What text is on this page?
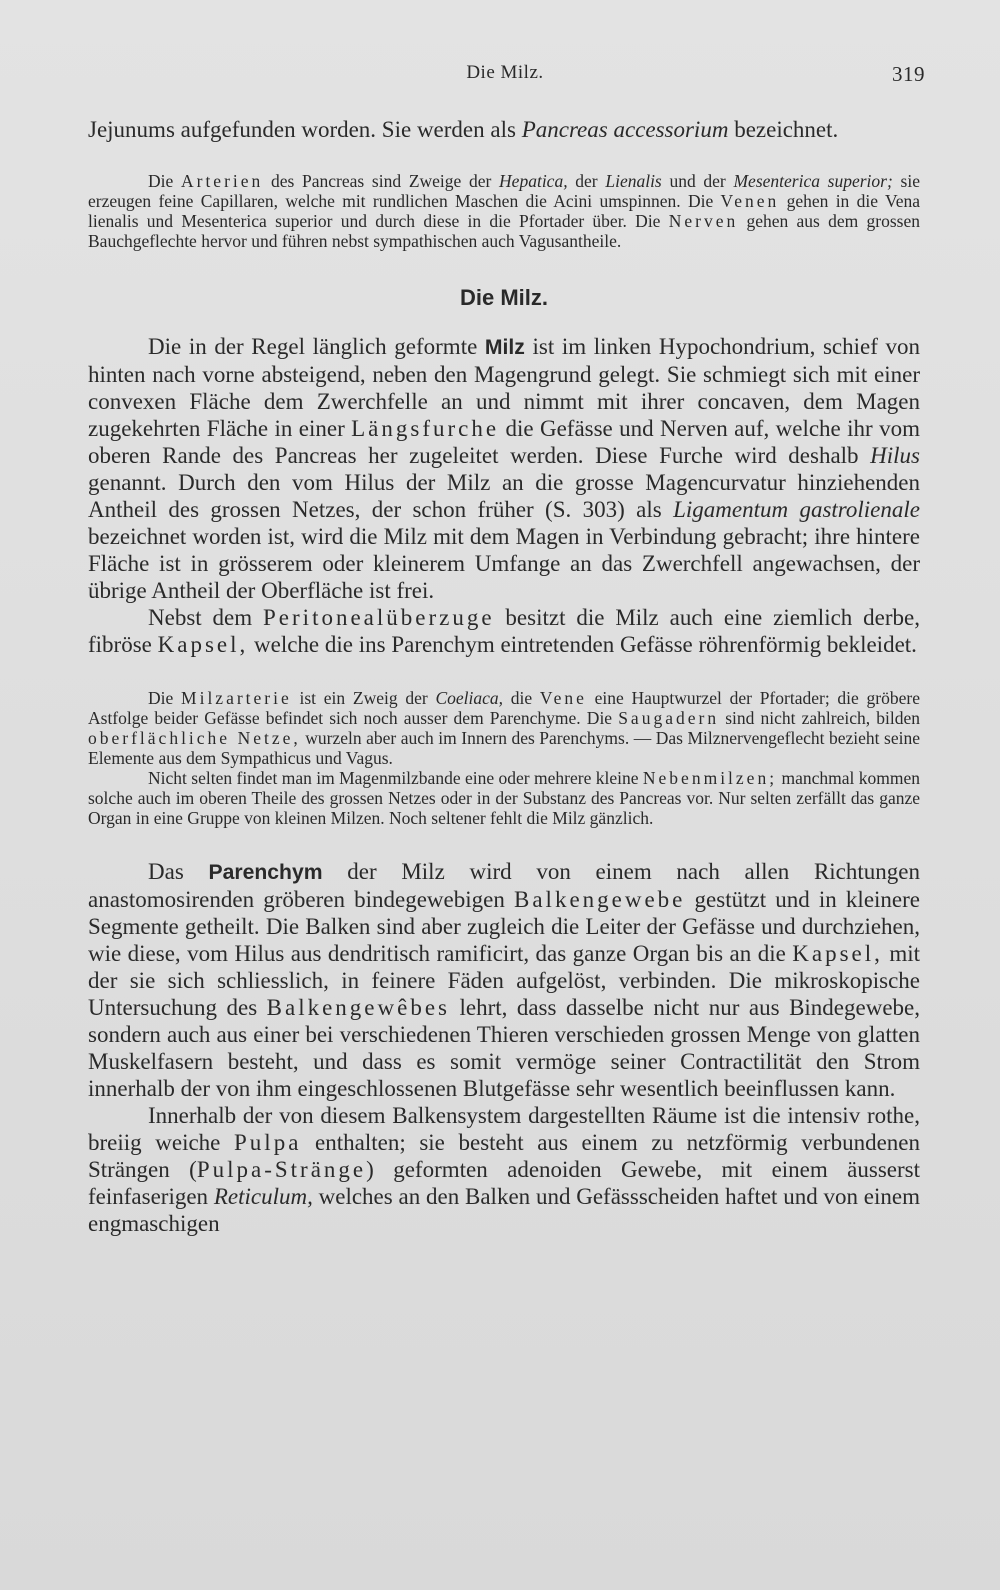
Die Milz.	319

Jejunums aufgefunden worden. Sie werden als Pancreas accessorium bezeichnet.

Die Arterien des Pancreas sind Zweige der Hepatica, der Lienalis und der Mesenterica superior; sie erzeugen feine Capillaren, welche mit rundlichen Maschen die Acini umspinnen. Die Venen gehen in die Vena lienalis und Mesenterica superior und durch diese in die Pfortader über. Die Nerven gehen aus dem grossen Bauchgeflechte hervor und führen nebst sympathischen auch Vagusantheile.

Die Milz.

Die in der Regel länglich geformte Milz ist im linken Hypochondrium, schief von hinten nach vorne absteigend, neben den Magengrund gelegt. Sie schmiegt sich mit einer convexen Fläche dem Zwerchfelle an und nimmt mit ihrer concaven, dem Magen zugekehrten Fläche in einer Längsfurche die Gefässe und Nerven auf, welche ihr vom oberen Rande des Pancreas her zugeleitet werden. Diese Furche wird deshalb Hilus genannt. Durch den vom Hilus der Milz an die grosse Magencurvatur hinziehenden Antheil des grossen Netzes, der schon früher (S. 303) als Ligamentum gastrolienale bezeichnet worden ist, wird die Milz mit dem Magen in Verbindung gebracht; ihre hintere Fläche ist in grösserem oder kleinerem Umfange an das Zwerchfell angewachsen, der übrige Antheil der Oberfläche ist frei.

Nebst dem Peritonealüberzuge besitzt die Milz auch eine ziemlich derbe, fibröse Kapsel, welche die ins Parenchym eintretenden Gefässe röhrenförmig bekleidet.

Die Milzarterie ist ein Zweig der Coeliaca, die Vene eine Hauptwurzel der Pfortader; die gröbere Astfolge beider Gefässe befindet sich noch ausser dem Parenchyme. Die Saugadern sind nicht zahlreich, bilden oberflächliche Netze, wurzeln aber auch im Innern des Parenchyms. — Das Milznervengeflecht bezieht seine Elemente aus dem Sympathicus und Vagus.

Nicht selten findet man im Magenmilzbande eine oder mehrere kleine Nebenmilzen; manchmal kommen solche auch im oberen Theile des grossen Netzes oder in der Substanz des Pancreas vor. Nur selten zerfällt das ganze Organ in eine Gruppe von kleinen Milzen. Noch seltener fehlt die Milz gänzlich.

Das Parenchym der Milz wird von einem nach allen Richtungen anastomosirenden gröberen bindegewebigen Balkengewebe gestützt und in kleinere Segmente getheilt. Die Balken sind aber zugleich die Leiter der Gefässe und durchziehen, wie diese, vom Hilus aus dendritisch ramificirt, das ganze Organ bis an die Kapsel, mit der sie sich schliesslich, in feinere Fäden aufgelöst, verbinden. Die mikroskopische Untersuchung des Balkengewêbes lehrt, dass dasselbe nicht nur aus Bindegewebe, sondern auch aus einer bei verschiedenen Thieren verschieden grossen Menge von glatten Muskelfasern besteht, und dass es somit vermöge seiner Contractilität den Strom innerhalb der von ihm eingeschlossenen Blutgefässe sehr wesentlich beeinflussen kann.

Innerhalb der von diesem Balkensystem dargestellten Räume ist die intensiv rothe, breiig weiche Pulpa enthalten; sie besteht aus einem zu netzförmig verbundenen Strängen (Pulpa-Stränge) geformten adenoiden Gewebe, mit einem äusserst feinfaserigen Reticulum, welches an den Balken und Gefässscheiden haftet und von einem engmaschigen
